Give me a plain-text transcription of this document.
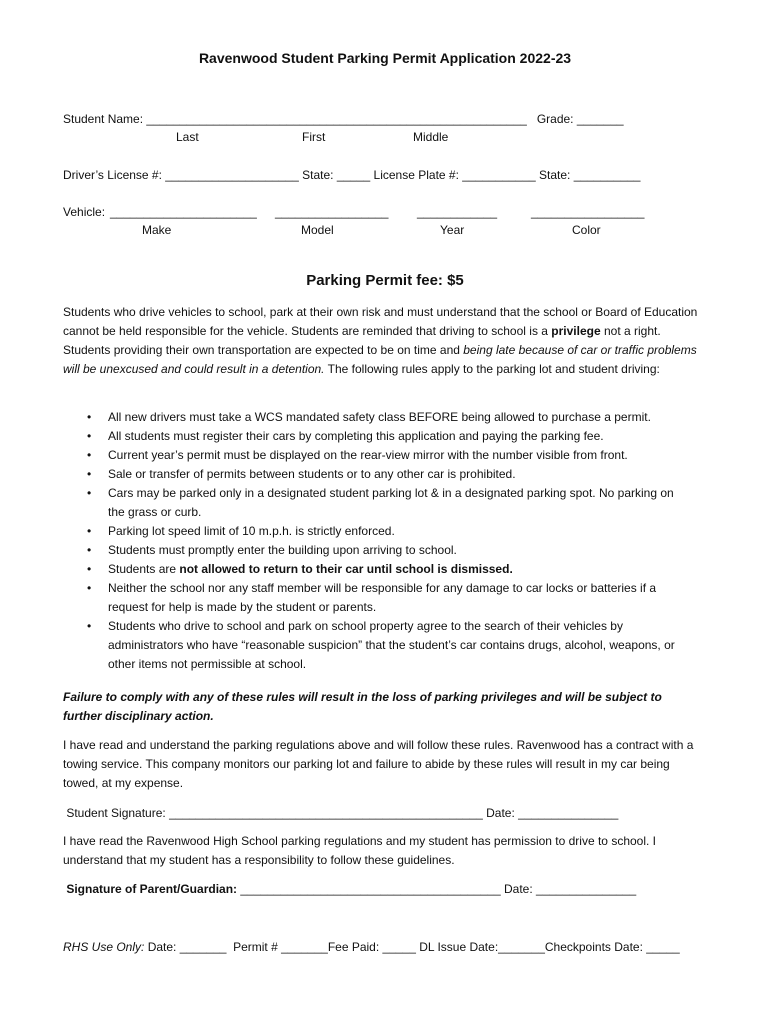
Ravenwood Student Parking Permit Application 2022-23
Student Name: _________________________________________________________ Grade: _______
Last	First	Middle
Driver’s License #: ____________________ State: _____ License Plate #: ___________ State: __________
Vehicle: ______________________ _________________ ____________	_________________
Make	Model	Year	Color
Parking Permit fee: $5

Students who drive vehicles to school, park at their own risk and must understand that the school or Board of Education cannot be held responsible for the vehicle. Students are reminded that driving to school is a privilege not a right. Students providing their own transportation are expected to be on time and being late because of car or traffic problems will be unexcused and could result in a detention. The following rules apply to the parking lot and student driving:

• All new drivers must take a WCS mandated safety class BEFORE being allowed to purchase a permit.
• All students must register their cars by completing this application and paying the parking fee.
• Current year’s permit must be displayed on the rear-view mirror with the number visible from front.
• Sale or transfer of permits between students or to any other car is prohibited.
• Cars may be parked only in a designated student parking lot & in a designated parking spot. No parking on the grass or curb.
• Parking lot speed limit of 10 m.p.h. is strictly enforced.
• Students must promptly enter the building upon arriving to school.
• Students are not allowed to return to their car until school is dismissed.
• Neither the school nor any staff member will be responsible for any damage to car locks or batteries if a request for help is made by the student or parents.
• Students who drive to school and park on school property agree to the search of their vehicles by administrators who have “reasonable suspicion” that the student’s car contains drugs, alcohol, weapons, or other items not permissible at school.
Failure to comply with any of these rules will result in the loss of parking privileges and will be subject to further disciplinary action.
I have read and understand the parking regulations above and will follow these rules. Ravenwood has a contract with a towing service. This company monitors our parking lot and failure to abide by these rules will result in my car being towed, at my expense.
Student Signature: _______________________________________________ Date: _______________
I have read the Ravenwood High School parking regulations and my student has permission to drive to school. I understand that my student has a responsibility to follow these guidelines.
Signature of Parent/Guardian: _______________________________________ Date: _______________
RHS Use Only: Date: _______  Permit # _______Fee Paid: _____ DL Issue Date:_______Checkpoints Date: _____
